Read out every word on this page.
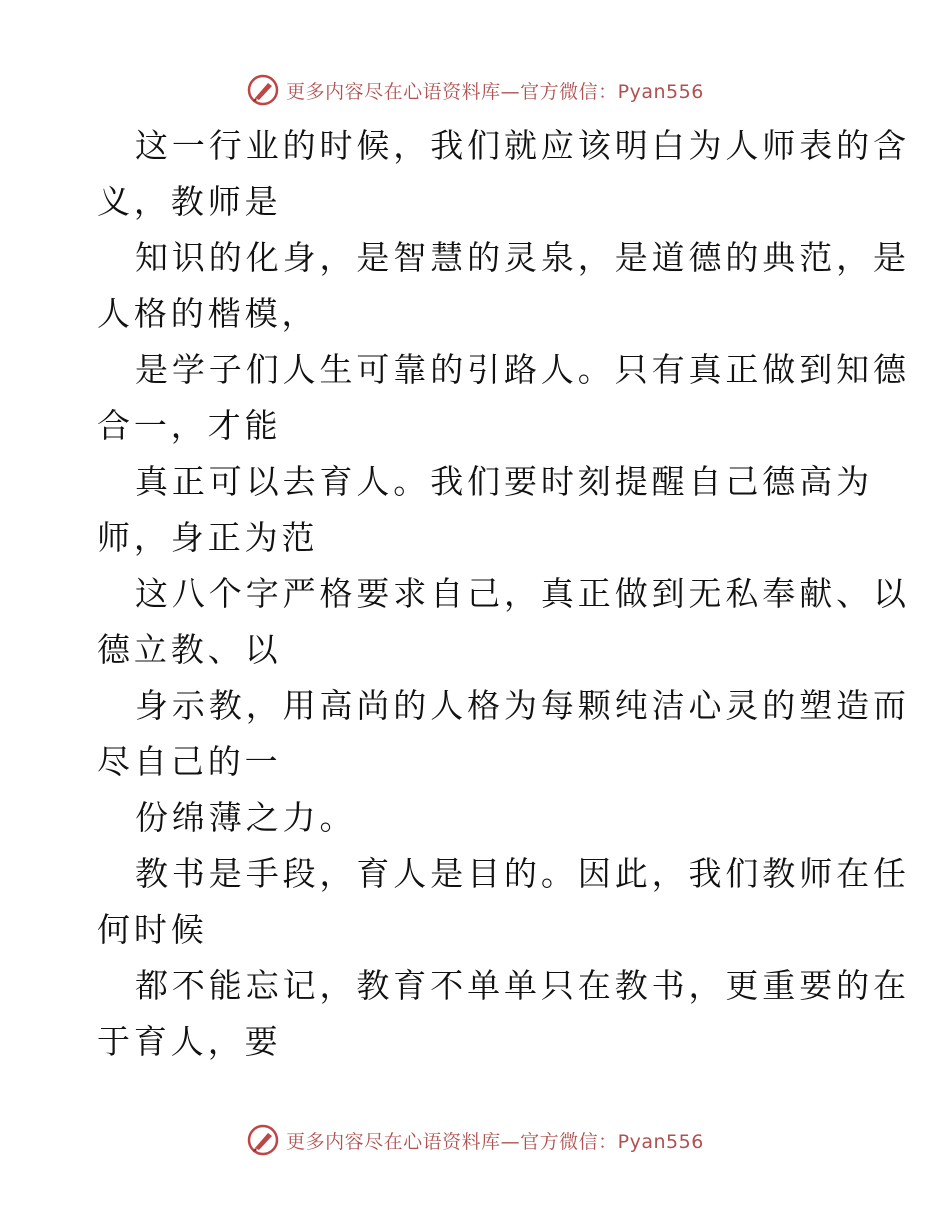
更多内容尽在心语资料库—官方微信：Pyan556

这一行业的时候，我们就应该明白为人师表的含
义，教师是

知识的化身，是智慧的灵泉，是道德的典范，是
人格的楷模，

是学子们人生可靠的引路人。只有真正做到知德
合一，才能

真正可以去育人。我们要时刻提醒自己德高为
师，身正为范

这八个字严格要求自己，真正做到无私奉献、以
德立教、以

身示教，用高尚的人格为每颗纯洁心灵的塑造而
尽自己的一

份绵薄之力。

教书是手段，育人是目的。因此，我们教师在任
何时候

都不能忘记，教育不单单只在教书，更重要的在
于育人，要

更多内容尽在心语资料库—官方微信：Pyan556
